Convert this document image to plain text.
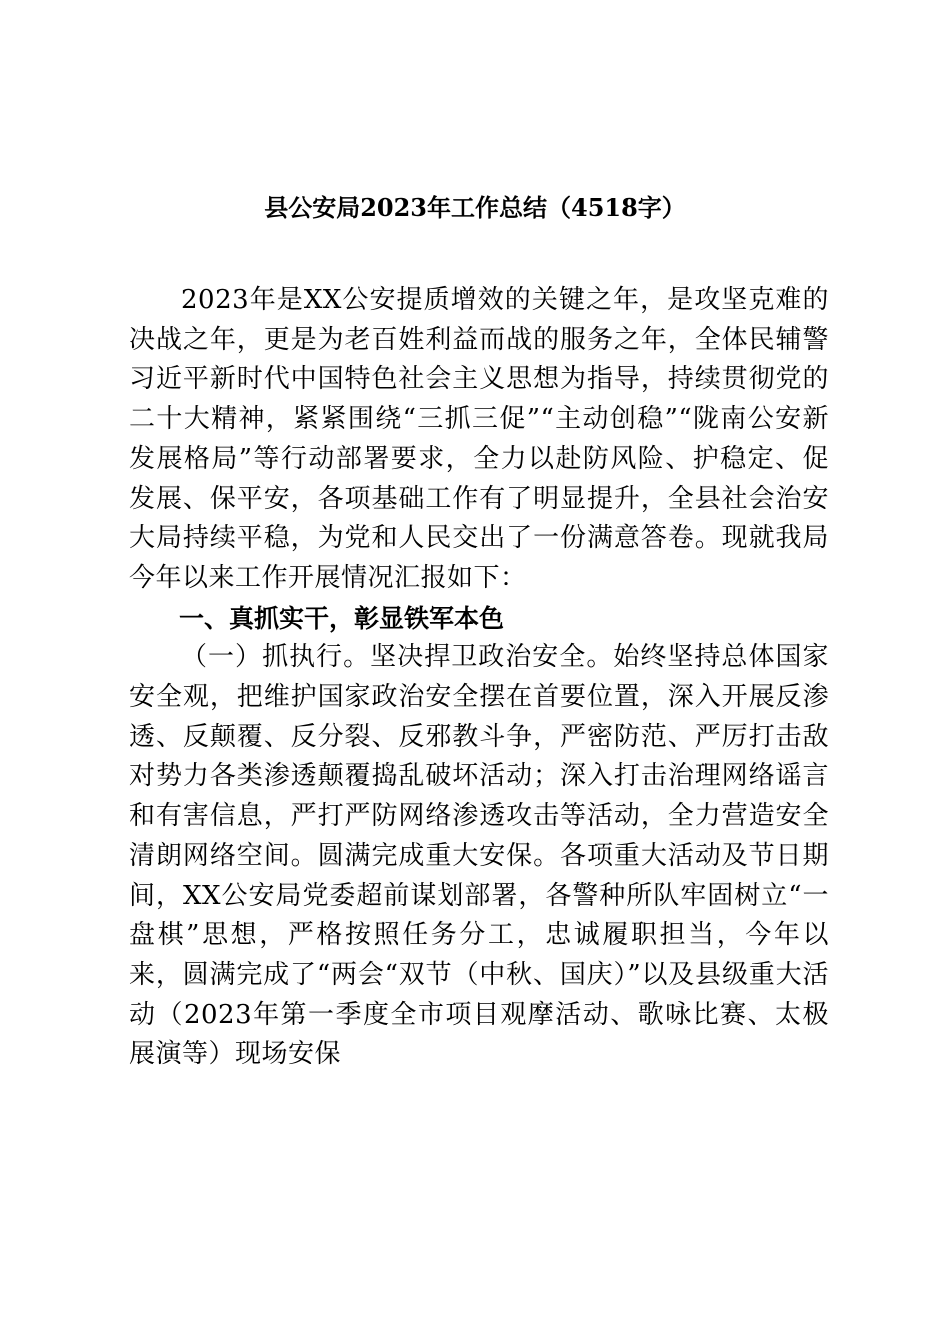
县公安局2023年工作总结（4518字）

2023年是XX公安提质增效的关键之年，是攻坚克难的决战之年，更是为老百姓利益而战的服务之年，全体民辅警习近平新时代中国特色社会主义思想为指导，持续贯彻党的二十大精神，紧紧围绕“三抓三促”“主动创稳”“陇南公安新发展格局”等行动部署要求，全力以赴防风险、护稳定、促发展、保平安，各项基础工作有了明显提升，全县社会治安大局持续平稳，为党和人民交出了一份满意答卷。现就我局今年以来工作开展情况汇报如下：

一、真抓实干，彰显铁军本色

（一）抓执行。坚决捍卫政治安全。始终坚持总体国家安全观，把维护国家政治安全摆在首要位置，深入开展反渗透、反颠覆、反分裂、反邪教斗争，严密防范、严厉打击敌对势力各类渗透颠覆捣乱破坏活动；深入打击治理网络谣言和有害信息，严打严防网络渗透攻击等活动，全力营造安全清朗网络空间。圆满完成重大安保。各项重大活动及节日期间，XX公安局党委超前谋划部署，各警种所队牢固树立“一盘棋”思想，严格按照任务分工，忠诚履职担当，今年以来，圆满完成了“两会“双节（中秋、国庆）”以及县级重大活动（2023年第一季度全市项目观摩活动、歌咏比赛、太极展演等）现场安保
